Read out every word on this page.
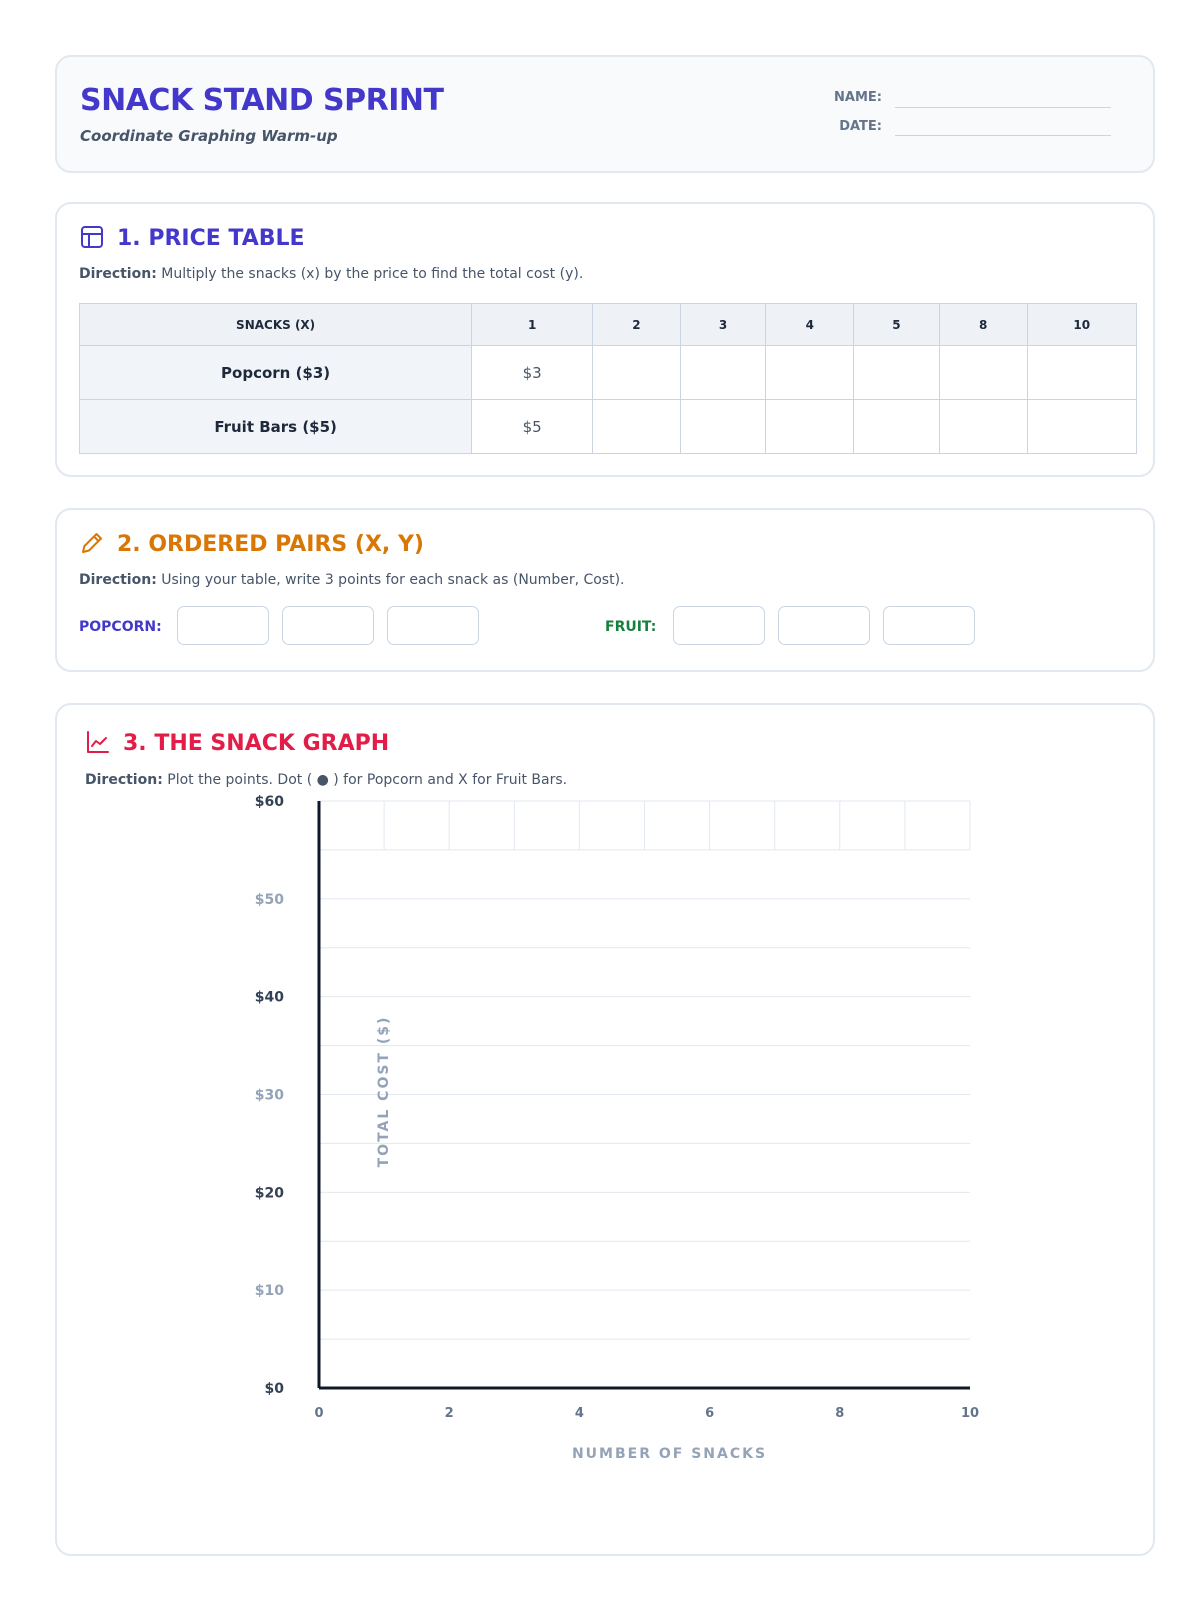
SNACK STAND SPRINT
Coordinate Graphing Warm-up
NAME:
DATE:
1. PRICE TABLE
Direction: Multiply the snacks (x) by the price to find the total cost (y).
SNACKS (X)	1	2	3	4	5	8	10
Popcorn ($3)	$3						
Fruit Bars ($5)	$5						
2. ORDERED PAIRS (X, Y)
Direction: Using your table, write 3 points for each snack as (Number, Cost).
POPCORN:	FRUIT:
3. THE SNACK GRAPH
Direction: Plot the points. Dot ( ● ) for Popcorn and X for Fruit Bars.
$0
$10
$20
$30
$40
$50
$60
0	2	4	6	8	10
NUMBER OF SNACKS
TOTAL COST ($)
